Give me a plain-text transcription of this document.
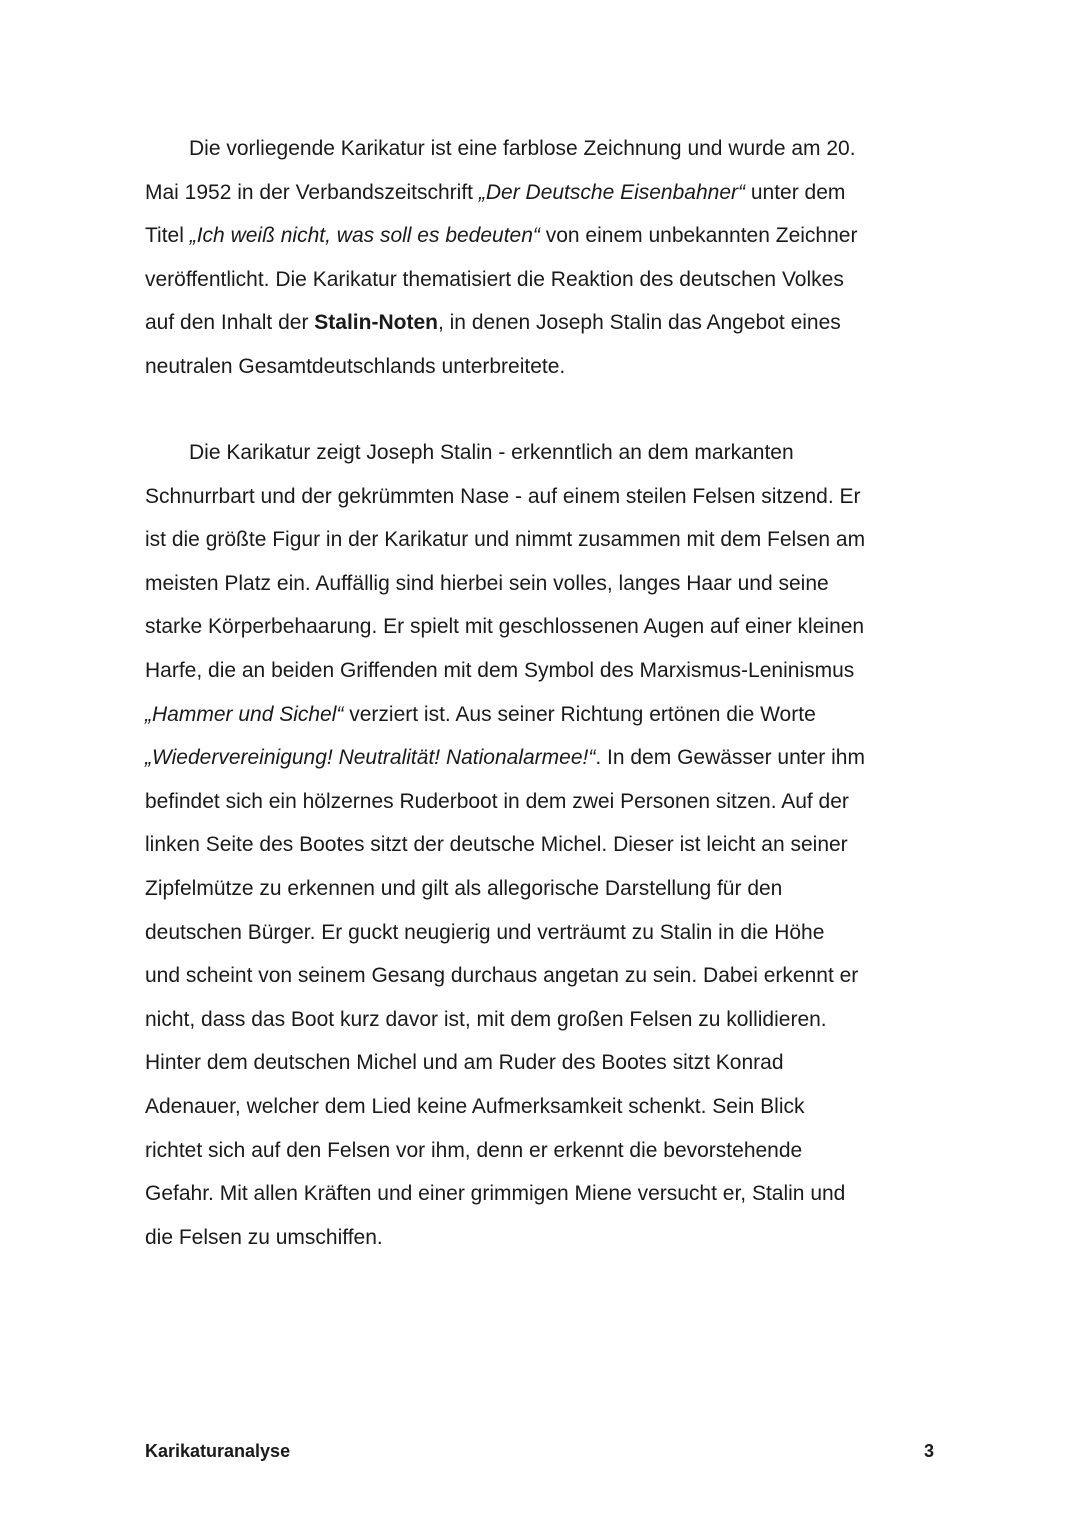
Die vorliegende Karikatur ist eine farblose Zeichnung und wurde am 20.
Mai 1952 in der Verbandszeitschrift „Der Deutsche Eisenbahner“ unter dem
Titel „Ich weiß nicht, was soll es bedeuten“ von einem unbekannten Zeichner
veröffentlicht. Die Karikatur thematisiert die Reaktion des deutschen Volkes
auf den Inhalt der Stalin-Noten, in denen Joseph Stalin das Angebot eines
neutralen Gesamtdeutschlands unterbreitete.

Die Karikatur zeigt Joseph Stalin - erkenntlich an dem markanten
Schnurrbart und der gekrümmten Nase - auf einem steilen Felsen sitzend. Er
ist die größte Figur in der Karikatur und nimmt zusammen mit dem Felsen am
meisten Platz ein. Auffällig sind hierbei sein volles, langes Haar und seine
starke Körperbehaarung. Er spielt mit geschlossenen Augen auf einer kleinen
Harfe, die an beiden Griffenden mit dem Symbol des Marxismus-Leninismus
„Hammer und Sichel“ verziert ist. Aus seiner Richtung ertönen die Worte
„Wiedervereinigung! Neutralität! Nationalarmee!“. In dem Gewässer unter ihm
befindet sich ein hölzernes Ruderboot in dem zwei Personen sitzen. Auf der
linken Seite des Bootes sitzt der deutsche Michel. Dieser ist leicht an seiner
Zipfelmütze zu erkennen und gilt als allegorische Darstellung für den
deutschen Bürger. Er guckt neugierig und verträumt zu Stalin in die Höhe
und scheint von seinem Gesang durchaus angetan zu sein. Dabei erkennt er
nicht, dass das Boot kurz davor ist, mit dem großen Felsen zu kollidieren.
Hinter dem deutschen Michel und am Ruder des Bootes sitzt Konrad
Adenauer, welcher dem Lied keine Aufmerksamkeit schenkt. Sein Blick
richtet sich auf den Felsen vor ihm, denn er erkennt die bevorstehende
Gefahr. Mit allen Kräften und einer grimmigen Miene versucht er, Stalin und
die Felsen zu umschiffen.

Karikaturanalyse	3
